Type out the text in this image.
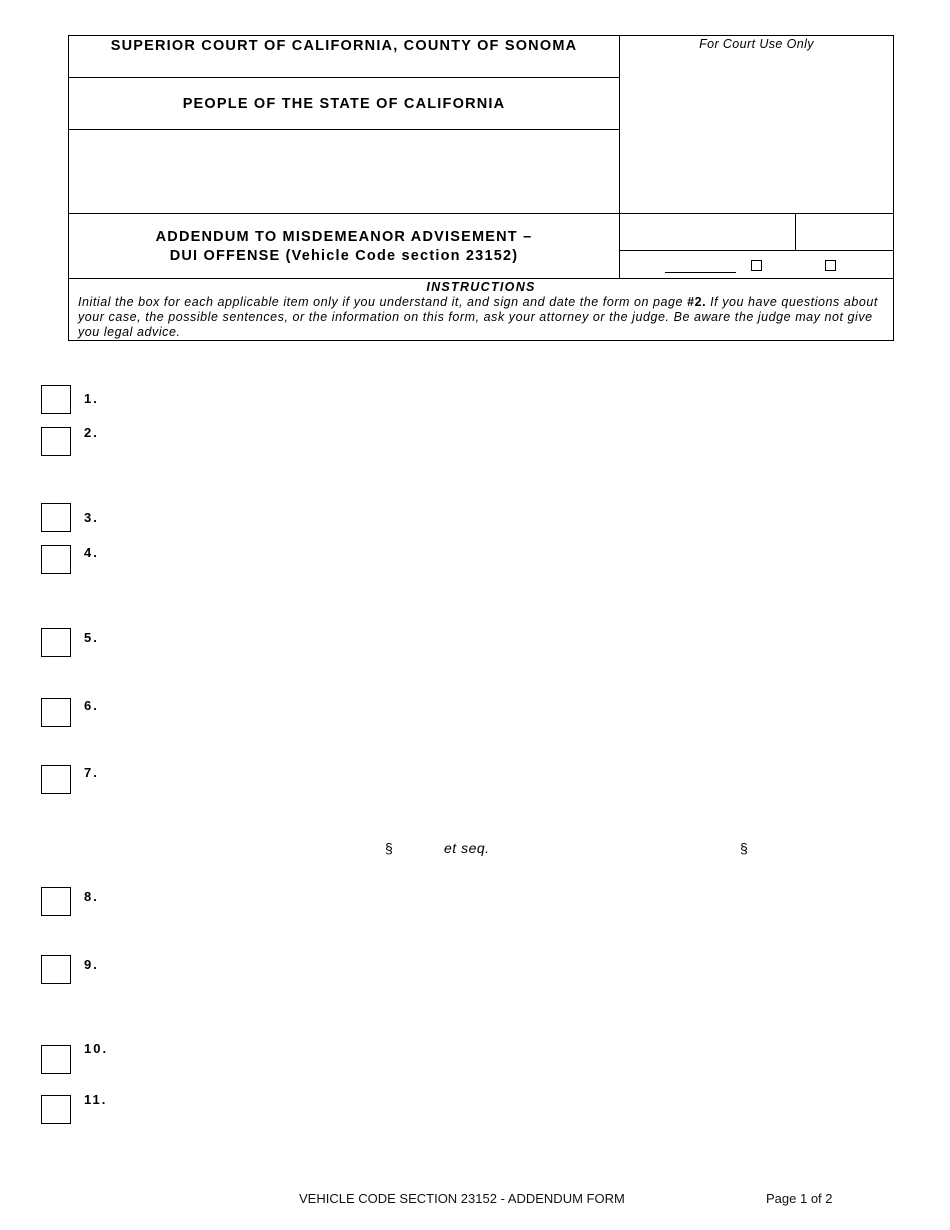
SUPERIOR COURT OF CALIFORNIA, COUNTY OF SONOMA
PEOPLE OF THE STATE OF CALIFORNIA
For Court Use Only
ADDENDUM TO MISDEMEANOR ADVISEMENT –
DUI OFFENSE (Vehicle Code section 23152)
INSTRUCTIONS
Initial the box for each applicable item only if you understand it, and sign and date the form on page #2. If you have questions about your case, the possible sentences, or the information on this form, ask your attorney or the judge. Be aware the judge may not give you legal advice.
1.
2.
3.
4.
5.
6.
7.
§	et seq.	§
8.
9.
10.
11.
VEHICLE CODE SECTION 23152 - ADDENDUM FORM	Page 1 of 2
